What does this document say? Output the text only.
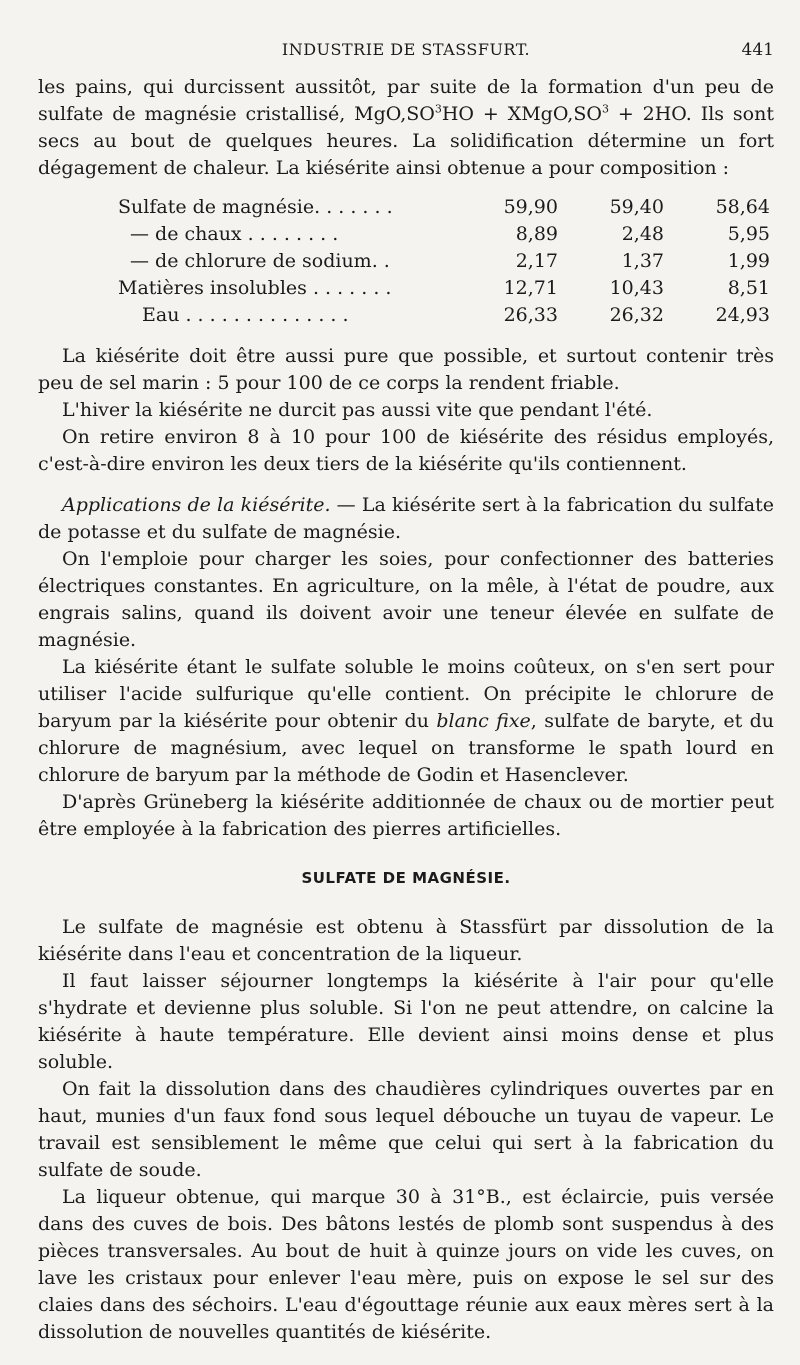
INDUSTRIE DE STASSFURT.	441

les pains, qui durcissent aussitôt, par suite de la formation d'un peu de sulfate de magnésie cristallisé, $MgO,SO^3HO$ + $XMgO,SO^3 + 2HO$. Ils sont secs au bout de quelques heures. La solidification détermine un fort dégagement de chaleur. La kiésérite ainsi obtenue a pour composition :

Sulfate de magnésie. . . . . . .	59,90	59,40	58,64
— de chaux . . . . . . . .	8,89	2,48	5,95
— de chlorure de sodium. .	2,17	1,37	1,99
Matières insolubles . . . . . . .	12,71	10,43	8,51
Eau . . . . . . . . . . . . . .	26,33	26,32	24,93

La kiésérite doit être aussi pure que possible, et surtout contenir très peu de sel marin : 5 pour 100 de ce corps la rendent friable.

L'hiver la kiésérite ne durcit pas aussi vite que pendant l'été.

On retire environ 8 à 10 pour 100 de kiésérite des résidus employés, c'est-à-dire environ les deux tiers de la kiésérite qu'ils contiennent.

Applications de la kiésérite. — La kiésérite sert à la fabrication du sulfate de potasse et du sulfate de magnésie.

On l'emploie pour charger les soies, pour confectionner des batteries électriques constantes. En agriculture, on la mêle, à l'état de poudre, aux engrais salins, quand ils doivent avoir une teneur élevée en sulfate de magnésie.

La kiésérite étant le sulfate soluble le moins coûteux, on s'en sert pour utiliser l'acide sulfurique qu'elle contient. On précipite le chlorure de baryum par la kiésérite pour obtenir du blanc fixe, sulfate de baryte, et du chlorure de magnésium, avec lequel on transforme le spath lourd en chlorure de baryum par la méthode de Godin et Hasenclever.

D'après Grüneberg la kiésérite additionnée de chaux ou de mortier peut être employée à la fabrication des pierres artificielles.

SULFATE DE MAGNÉSIE.

Le sulfate de magnésie est obtenu à Stassfürt par dissolution de la kiésérite dans l'eau et concentration de la liqueur.

Il faut laisser séjourner longtemps la kiésérite à l'air pour qu'elle s'hydrate et devienne plus soluble. Si l'on ne peut attendre, on calcine la kiésérite à haute température. Elle devient ainsi moins dense et plus soluble.

On fait la dissolution dans des chaudières cylindriques ouvertes par en haut, munies d'un faux fond sous lequel débouche un tuyau de vapeur. Le travail est sensiblement le même que celui qui sert à la fabrication du sulfate de soude.

La liqueur obtenue, qui marque 30 à 31°B., est éclaircie, puis versée dans des cuves de bois. Des bâtons lestés de plomb sont suspendus à des pièces transversales. Au bout de huit à quinze jours on vide les cuves, on lave les cristaux pour enlever l'eau mère, puis on expose le sel sur des claies dans des séchoirs. L'eau d'égouttage réunie aux eaux mères sert à la dissolution de nouvelles quantités de kiésérite.
